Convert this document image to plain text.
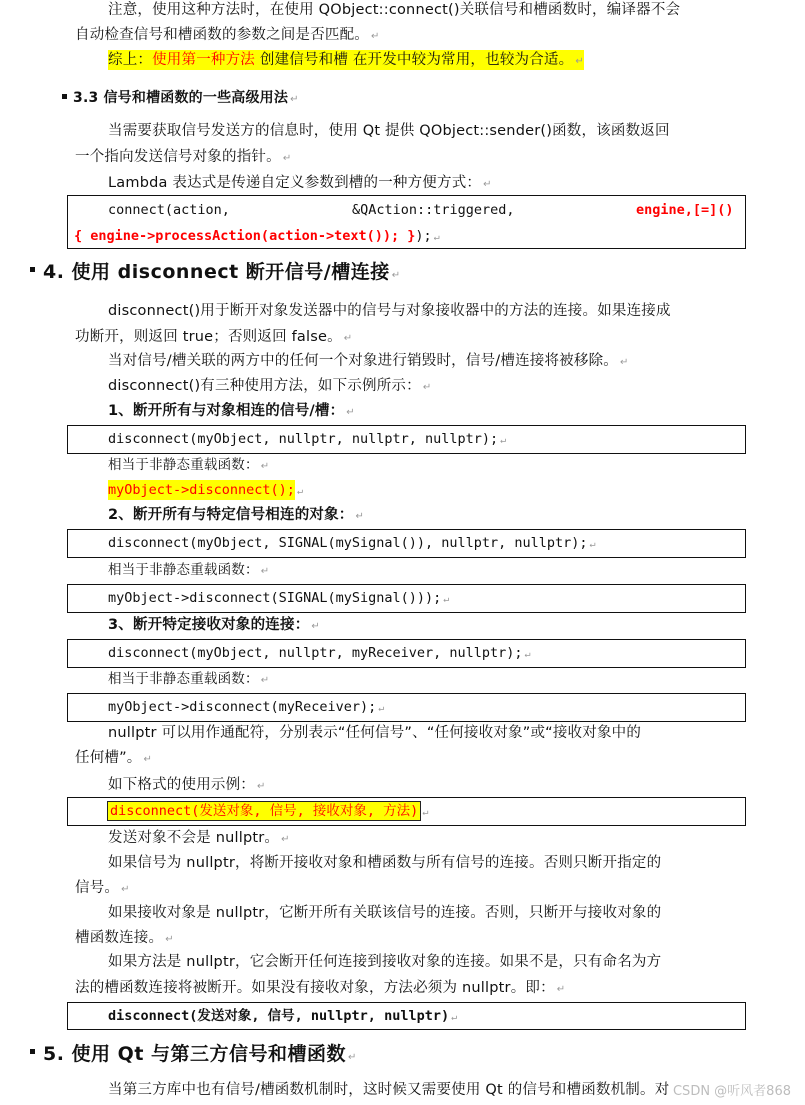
注意，使用这种方法时，在使用 QObject::connect()关联信号和槽函数时，编译器不会
自动检查信号和槽函数的参数之间是否匹配。 ↵
综上：使用第一种方法 创建信号和槽 在开发中较为常用，也较为合适。 ↵
3.3 信号和槽函数的一些高级用法 ↵
当需要获取信号发送方的信息时，使用 Qt 提供 QObject::sender()函数，该函数返回
一个指向发送信号对象的指针。 ↵
Lambda 表达式是传递自定义参数到槽的一种方便方式： ↵
connect(action,	&QAction::triggered,	engine,[=]()
{ engine->processAction(action->text()); }); ↵
4. 使用 disconnect 断开信号/槽连接 ↵
disconnect()用于断开对象发送器中的信号与对象接收器中的方法的连接。如果连接成
功断开，则返回 true；否则返回 false。 ↵
当对信号/槽关联的两方中的任何一个对象进行销毁时，信号/槽连接将被移除。 ↵
disconnect()有三种使用方法，如下示例所示： ↵
1、断开所有与对象相连的信号/槽： ↵
disconnect(myObject, nullptr, nullptr, nullptr); ↵
相当于非静态重载函数： ↵
myObject->disconnect(); ↵
2、断开所有与特定信号相连的对象： ↵
disconnect(myObject, SIGNAL(mySignal()), nullptr, nullptr); ↵
相当于非静态重载函数： ↵
myObject->disconnect(SIGNAL(mySignal())); ↵
3、断开特定接收对象的连接： ↵
disconnect(myObject, nullptr, myReceiver, nullptr); ↵
相当于非静态重载函数： ↵
myObject->disconnect(myReceiver); ↵
nullptr 可以用作通配符，分别表示“任何信号”、“任何接收对象”或“接收对象中的
任何槽”。 ↵
如下格式的使用示例： ↵
disconnect(发送对象, 信号, 接收对象, 方法) ↵
发送对象不会是 nullptr。 ↵
如果信号为 nullptr，将断开接收对象和槽函数与所有信号的连接。否则只断开指定的
信号。 ↵
如果接收对象是 nullptr，它断开所有关联该信号的连接。否则，只断开与接收对象的
槽函数连接。 ↵
如果方法是 nullptr，它会断开任何连接到接收对象的连接。如果不是，只有命名为方
法的槽函数连接将被断开。如果没有接收对象，方法必须为 nullptr。即： ↵
disconnect(发送对象, 信号, nullptr, nullptr) ↵
5. 使用 Qt 与第三方信号和槽函数 ↵
当第三方库中也有信号/槽函数机制时，这时候又需要使用 Qt 的信号和槽函数机制。对 CSDN @听风者868
